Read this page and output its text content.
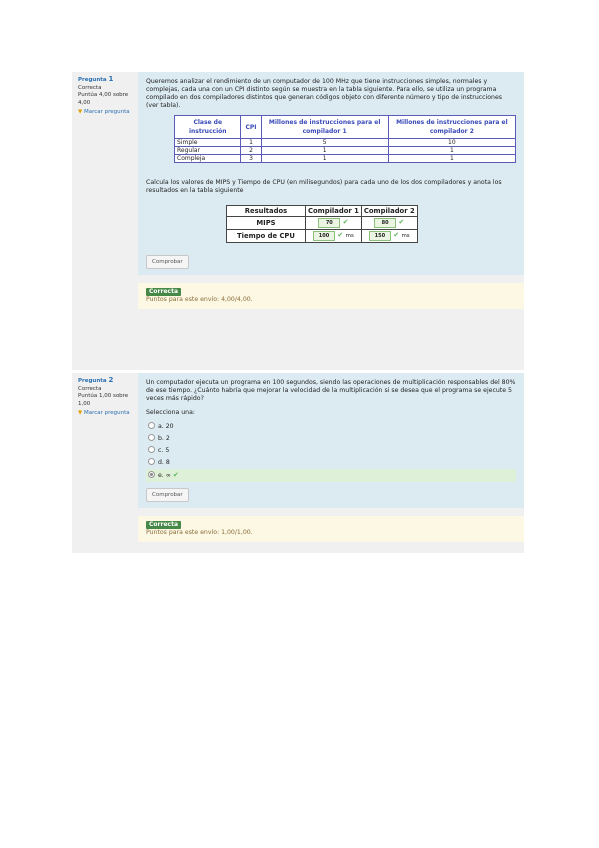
Pregunta 1
Correcta
Puntúa 4,00 sobre 4,00
▼ Marcar pregunta
Queremos analizar el rendimiento de un computador de 100 MHz que tiene instrucciones simples, normales y complejas, cada una con un CPI distinto según se muestra en la tabla siguiente. Para ello, se utiliza un programa compilado en dos compiladores distintos que generan códigos objeto con diferente número y tipo de instrucciones (ver tabla).
Clase de instrucción	CPI	Millones de instrucciones para el compilador 1	Millones de instrucciones para el compilador 2
Simple	1	5	10
Regular	2	1	1
Compleja	3	1	1
Calcula los valores de MIPS y Tiempo de CPU (en milisegundos) para cada uno de los dos compiladores y anota los resultados en la tabla siguiente
Resultados	Compilador 1	Compilador 2
MIPS	70 ✔	80 ✔
Tiempo de CPU	100 ✔ ms	150 ✔ ms
Comprobar
Correcta
Puntos para este envío: 4,00/4,00.
Pregunta 2
Correcta
Puntúa 1,00 sobre 1,00
▼ Marcar pregunta
Un computador ejecuta un programa en 100 segundos, siendo las operaciones de multiplicación responsables del 80% de ese tiempo. ¿Cuánto habría que mejorar la velocidad de la multiplicación si se desea que el programa se ejecute 5 veces más rápido?
Selecciona una:
a. 20
b. 2
c. 5
d. 8
e. ∞ ✔
Comprobar
Correcta
Puntos para este envío: 1,00/1,00.
